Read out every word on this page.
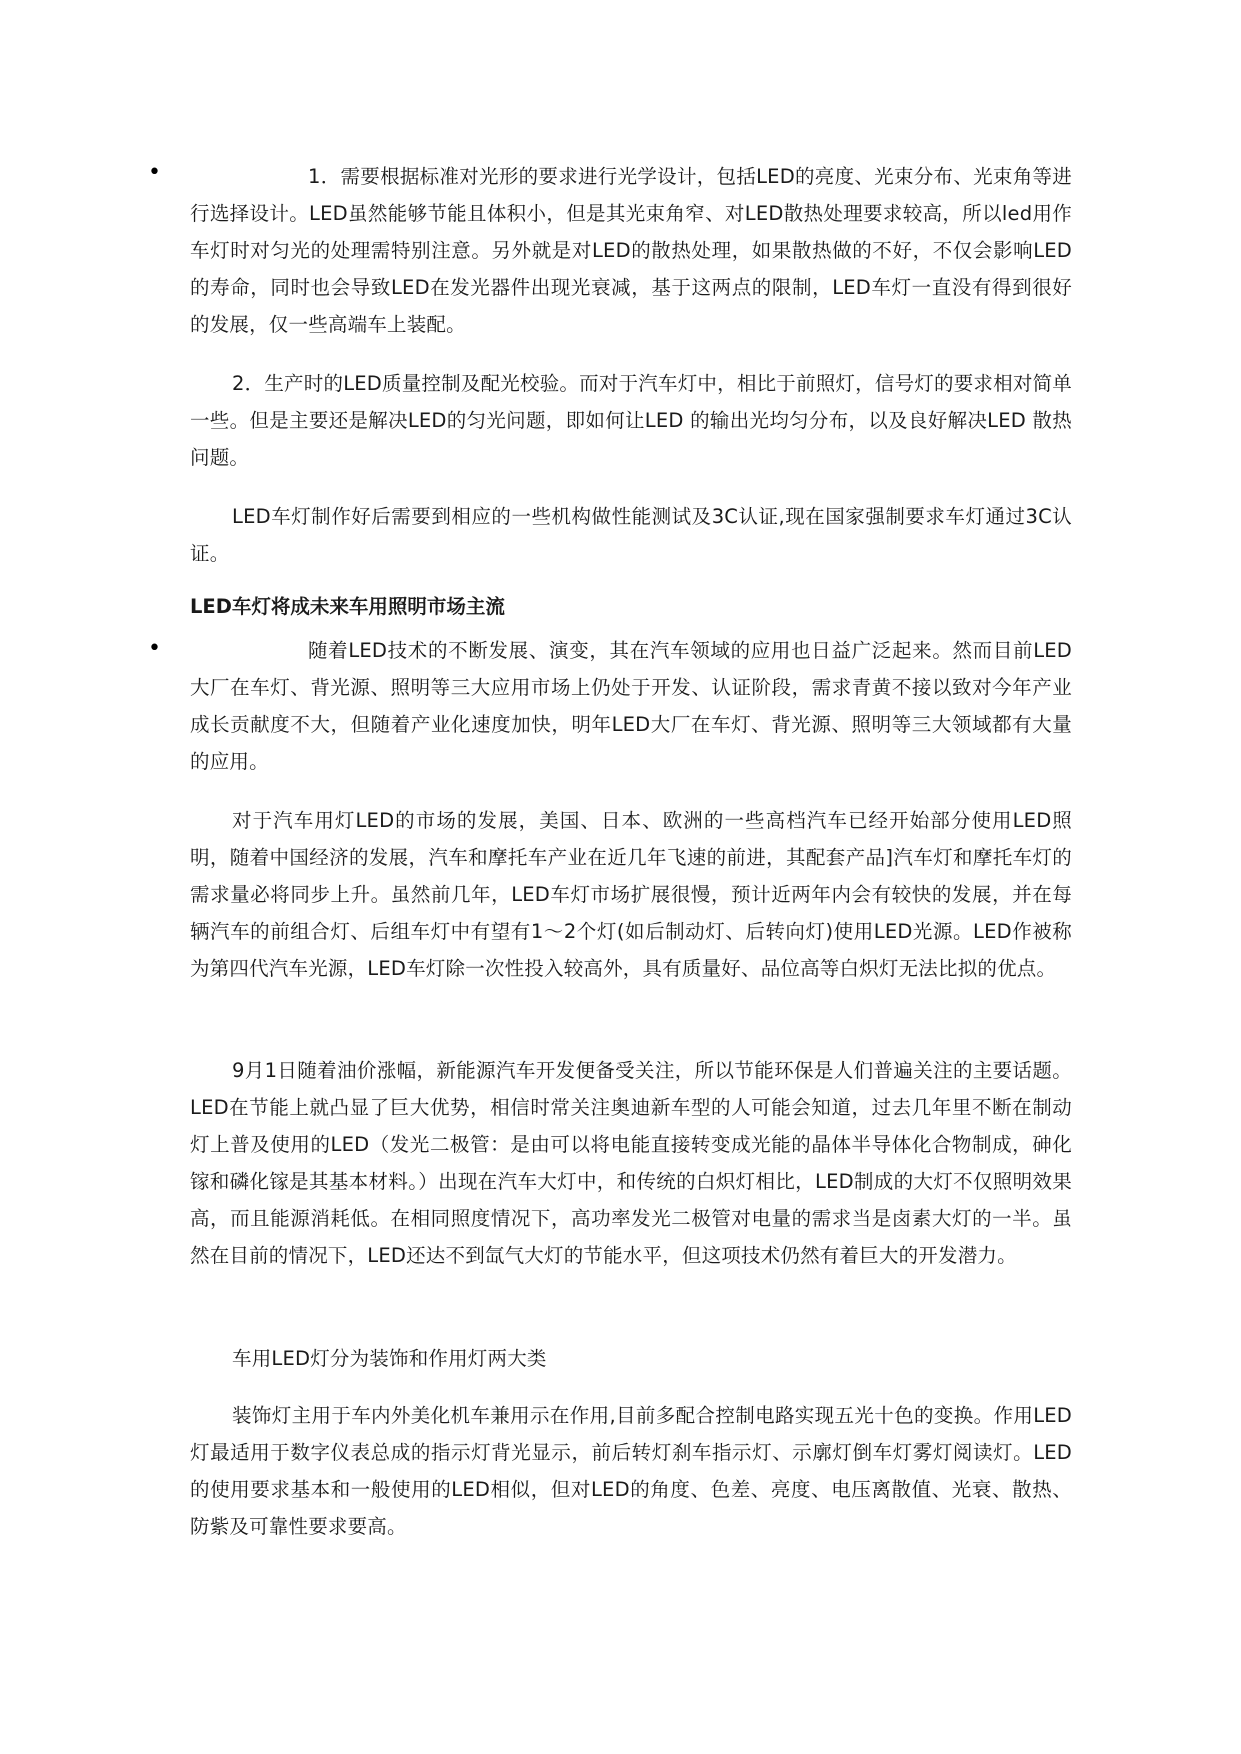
•	1．需要根据标准对光形的要求进行光学设计，包括LED的亮度、光束分布、光束角等进行选择设计。LED虽然能够节能且体积小，但是其光束角窄、对LED散热处理要求较高，所以led用作车灯时对匀光的处理需特别注意。另外就是对LED的散热处理，如果散热做的不好，不仅会影响LED的寿命，同时也会导致LED在发光器件出现光衰减，基于这两点的限制，LED车灯一直没有得到很好的发展，仅一些高端车上装配。

2．生产时的LED质量控制及配光校验。而对于汽车灯中，相比于前照灯，信号灯的要求相对简单一些。但是主要还是解决LED的匀光问题，即如何让LED 的输出光均匀分布，以及良好解决LED 散热问题。

LED车灯制作好后需要到相应的一些机构做性能测试及3C认证,现在国家强制要求车灯通过3C认证。

LED车灯将成未来车用照明市场主流
•	随着LED技术的不断发展、演变，其在汽车领域的应用也日益广泛起来。然而目前LED大厂在车灯、背光源、照明等三大应用市场上仍处于开发、认证阶段，需求青黄不接以致对今年产业成长贡献度不大，但随着产业化速度加快，明年LED大厂在车灯、背光源、照明等三大领域都有大量的应用。

对于汽车用灯LED的市场的发展，美国、日本、欧洲的一些高档汽车已经开始部分使用LED照明，随着中国经济的发展，汽车和摩托车产业在近几年飞速的前进，其配套产品]汽车灯和摩托车灯的需求量必将同步上升。虽然前几年，LED车灯市场扩展很慢，预计近两年内会有较快的发展，并在每辆汽车的前组合灯、后组车灯中有望有1～2个灯(如后制动灯、后转向灯)使用LED光源。LED作被称为第四代汽车光源，LED车灯除一次性投入较高外，具有质量好、品位高等白炽灯无法比拟的优点。

9月1日随着油价涨幅，新能源汽车开发便备受关注，所以节能环保是人们普遍关注的主要话题。LED在节能上就凸显了巨大优势，相信时常关注奥迪新车型的人可能会知道，过去几年里不断在制动灯上普及使用的LED（发光二极管：是由可以将电能直接转变成光能的晶体半导体化合物制成，砷化镓和磷化镓是其基本材料。）出现在汽车大灯中，和传统的白炽灯相比，LED制成的大灯不仅照明效果高，而且能源消耗低。在相同照度情况下，高功率发光二极管对电量的需求当是卤素大灯的一半。虽然在目前的情况下，LED还达不到氙气大灯的节能水平，但这项技术仍然有着巨大的开发潜力。

车用LED灯分为装饰和作用灯两大类

装饰灯主用于车内外美化机车兼用示在作用,目前多配合控制电路实现五光十色的变换。作用LED灯最适用于数字仪表总成的指示灯背光显示，前后转灯刹车指示灯、示廓灯倒车灯雾灯阅读灯。LED的使用要求基本和一般使用的LED相似，但对LED的角度、色差、亮度、电压离散值、光衰、散热、防紫及可靠性要求要高。
